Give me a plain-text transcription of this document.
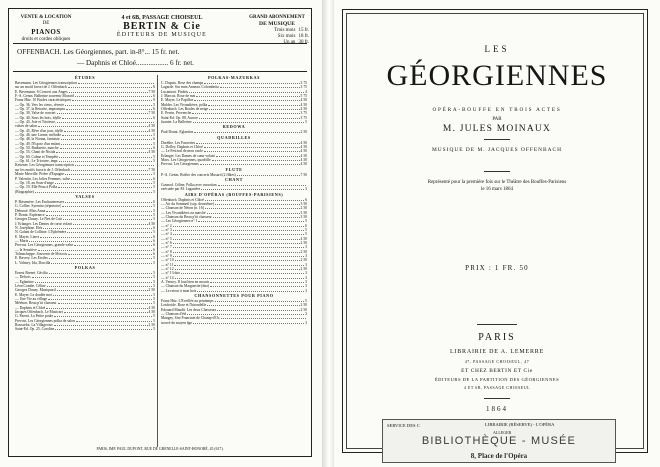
VENTE & LOCATION
DE
PIANOS
droits et cordes obliques
4 et 6B, PASSAGE CHOISEUL
BERTIN & Cie
ÉDITEURS DE MUSIQUE
GRAND ABONNEMENT
DE MUSIQUE
Trois mois 15 fr.
Six mois 18 fr.
Un an 30 fr.
OFFENBACH. Les Géorgiennes, part. in-8°... 15 fr. net.
— Daphnis et Chloé.................. 6 fr. net.
ÉTUDES
Bavemann. Les Géorgiennes transcription
sur un motif favori de J. Offenbach	6
E. Bavemann. 6 Concert aux Anges	7 50
F.-A. Genin. Ballerine souvenir Mozard	6
Franz Hitz. 10 Études caractéristiques	9
— Op. 36, Vers les cieux, rêverie	5
— Op. 37, la Retraite, impromptu	6
— Op. 39, Valse de concert	7 50
— Op. 40, Sous les bois, idylle	6
— Op. 43, Joie et Tristesse,
valses de salon	4 50
— Op. 45, Rêve d'un jour, idylle	4 50
— Op. 46, une Larme, mélodie	5
— Op. 48, la Norma, fantaisie	6
— Op. 49, l'Espoir d'un enfant	5
— Op. 50, Badinerie, marche	6
— Op. 55, Chant de Nisida	4 50
— Op. 60, Calme et Tempête	5
— Op. 61, Le Tricorne, impr.	5
Kettener. Les Géorgiennes transcription
sur les motifs favoris de J. Offenbach	7 50
Marie Merville. Prière d'Espagne	5
P. Valentin. Les Jolies Femmes, valse	6
— Op. 18, au Sous-d'ange	5
— Op. 19, Elle Peau à Polka	5
(Biographie)	5
VALSES
P. Brisemère. Les Enchanteresses	6
G. Collier. Syrenita (répertoire)	5
Debussé. Miss Anna	5
P. Donat. Espérance	5
Georges Douay. Le Nez de Cuir	5
J. Erlanger. Les Dames de cœur volant	4 50
N. Joséphine. Éléa	6
N. Galant de Colltine. L'Éphémère	5
E. Mayer. Lierre	6
— Marie	6
Prevost. Les Géorgiennes, grande valse	6
— la Sensitive	6
Tolmacheppe. Souvenir de Moscou	6
E. Ravery. Les Étoiles	5
L. Valmey. Ida, Darcilla	5
POLKAS
Ernest Brenet. Gécilia	5
— Delacis	5
— Églantine	5
Léon Combe. Céline	5
Georges Douay. Musiquard	2 50
E. Mayer. Le double mot	5
— Une Vie au village	5
Méehon. Beau p'tit chasseur	5
— Daphnis et Chloé	4 50
Jacques Offenbach. Le Musicard	4 50
G. Parent. La Petite poule	5
Prevost. Les Géorgiennes polka de salon	5
Rousselot. La Villageoise	2 50
Saint-Éd. Op. 25, Caroline	5
POLKAS-MAZURKAS
C. Dupuis. Rose des champs	3 75
Lagarde. Sur mon Anneau. Colombetta	3 75
Lucantoni. Pinbits	4
J. Marcus. Rose de mai	5 75
E. Mayer. Le Papillon	4 50
Mulder. Les Vivandières, polka	4 50
Offenbach. Les Boules de neige	4 50
E. Perrin. Pervenche	3 75
Saint-Éd. Op. 88, Aurore	3 75
Juanier. La Ballerine	5
REDOWA
Paul Donat. Églantine	2 50
QUADRILLES
Duréthe. Les Fauvettes	4 50
G. Dolley. Daphnis et Chloé	4 50
— Le Festival de mon oncle	4 50
Erlanger. Les Dames de cœur volant	4 50
Marx. Les Géorgiennes, quadrille	4 50
Prevost. Les Géorgiennes	4 50
FLUTE
P.-A. Genin. Boléro des concerts Musard (2 flûtes)	7 50
CHANT
Gounod. Céline, Polka avec narration,
exécutée par M. Laganière	3
AIRS D'OPÉRAS (BOUFFES-PARISIENS)
Offenbach. Daphnis et Chloé	6
— Air du Sommeil (sop. deuxième)	3 50
— Chanson de Néron (n. 16)	2 50
— Les Vivandières au marché	3 50
— Chanson du Beau p'tit chasseur	3 50
— Les Géorgiennes n° 1	5
— n° 2	6
— n° 3	5
— n° 4	5
— n° 5	4 50
— n° 6	2 50
— n° 7	3
— n° 8	2 50
— n° 9	3
— n° 10	2 50
— n° 11	3
— n° 12	2 50
— n° 13 duo	3
— n° 14	3
A. Vernoy. Il faut bien en mourir	3
— Chanson du Marguerite (duo)	3
— Le retour à mon bois	3
CHANSONNETTES POUR PIANO
Franz Hitz. L'Éveillée au printemps	5
Lonfroide. Rose et l'hirondelle	2 50
Edouard Maudit. Les deux Chasseurs	2 50
— Chanson d'été	3
Mangey. Sire Francinet de Champ-d'Or,
trouvé du moyen âge	3
PARIS, IMP. PAUL DUPONT, RUE DE GRENELLE-SAINT-HONORÉ, 45 (617).
LES
GÉORGIENNES
OPÉRA-BOUFFE EN TROIS ACTES
PAR
M. JULES MOINAUX
MUSIQUE DE M. JACQUES OFFENBACH
Représenté pour la première fois sur le Théâtre des Bouffes-Parisiens
le 16 mars 1864
PRIX : 1 FR. 50
PARIS
LIBRAIRIE DE A. LEMERRE
47, PASSAGE CHOISEUL, 47
ET CHEZ BERTIN ET Cie
ÉDITEURS DE LA PARTITION DES GÉORGIENNES
4 ET 6B, PASSAGE CHOISEUL
1864
SERVICE DES C	LIBRAIRIE (RÉSERVE) - L'OPÉRA
ALLEGER
BIBLIOTHÈQUE - MUSÉE
8, Place de l'Opéra
